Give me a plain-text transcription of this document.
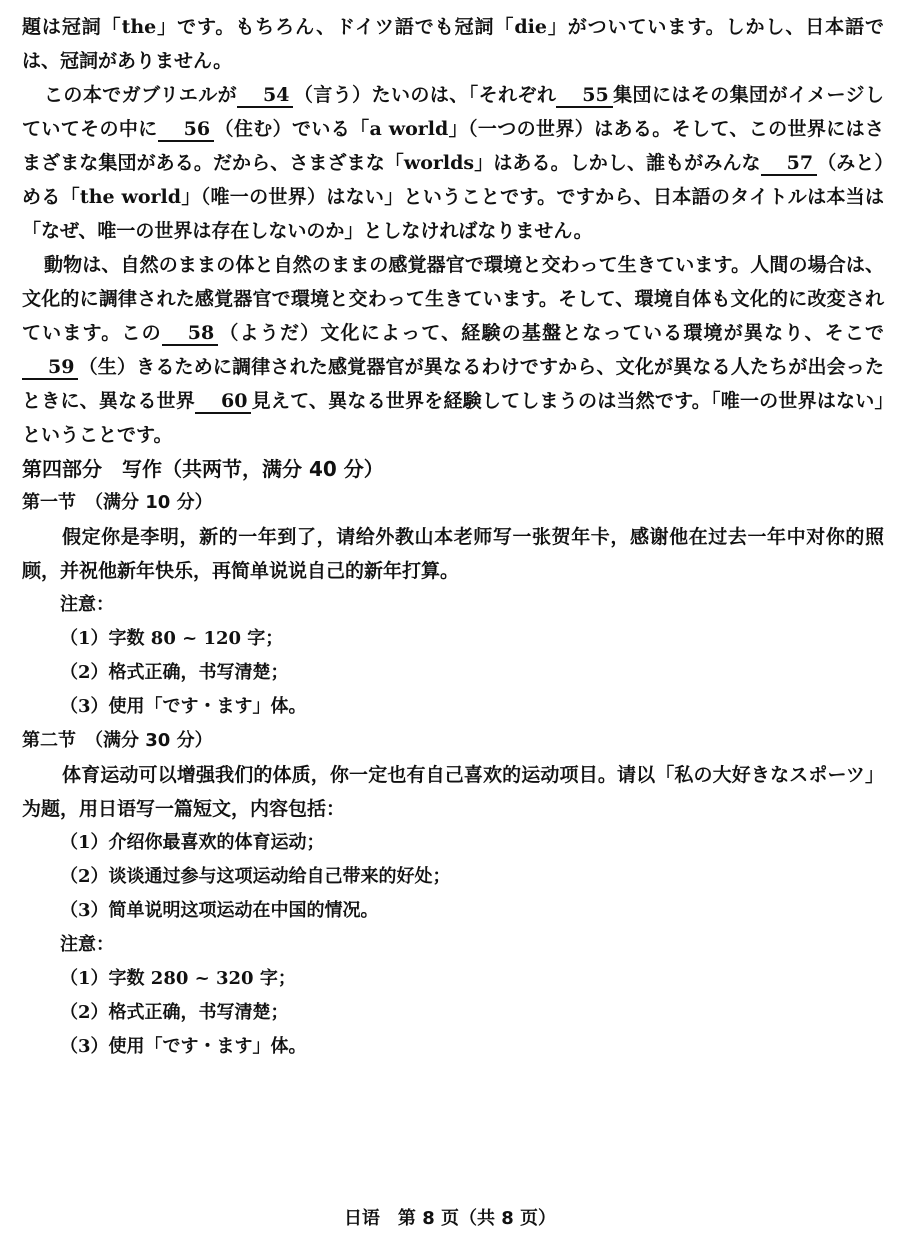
題は冠詞「the」です。もちろん、ドイツ語でも冠詞「die」がついています。しかし、日本語では、冠詞がありません。

この本でガブリエルが 54 （言う）たいのは、「それぞれ 55 集団にはその集団がイメージしていてその中に 56 （住む）でいる「a world」（一つの世界）はある。そして、この世界にはさまざまな集団がある。だから、さまざまな「worlds」はある。しかし、誰もがみんな 57 （みと）める「the world」（唯一の世界）はない」ということです。ですから、日本語のタイトルは本当は「なぜ、唯一の世界は存在しないのか」としなければなりません。

動物は、自然のままの体と自然のままの感覚器官で環境と交わって生きています。人間の場合は、文化的に調律された感覚器官で環境と交わって生きています。そして、環境自体も文化的に改変されています。この 58 （ようだ）文化によって、経験の基盤となっている環境が異なり、そこで59 （生）きるために調律された感覚器官が異なるわけですから、文化が異なる人たちが出会ったときに、異なる世界 60 見えて、異なる世界を経験してしまうのは当然です。「唯一の世界はない」ということです。

第四部分　写作（共两节，满分 40 分）

第一节　（满分 10 分）

假定你是李明，新的一年到了，请给外教山本老师写一张贺年卡，感谢他在过去一年中对你的照顾，并祝他新年快乐，再简单说说自己的新年打算。

注意：

（1）字数 80 ~ 120 字；

（2）格式正确，书写清楚；

（3）使用「です・ます」体。

第二节　（满分 30 分）

体育运动可以增强我们的体质，你一定也有自己喜欢的运动项目。请以「私の大好きなスポーツ」为题，用日语写一篇短文，内容包括：

（1）介绍你最喜欢的体育运动；

（2）谈谈通过参与这项运动给自己带来的好处；

（3）简单说明这项运动在中国的情况。

注意：

（1）字数 280 ~ 320 字；

（2）格式正确，书写清楚；

（3）使用「です・ます」体。

日语　第 8 页（共 8 页）
